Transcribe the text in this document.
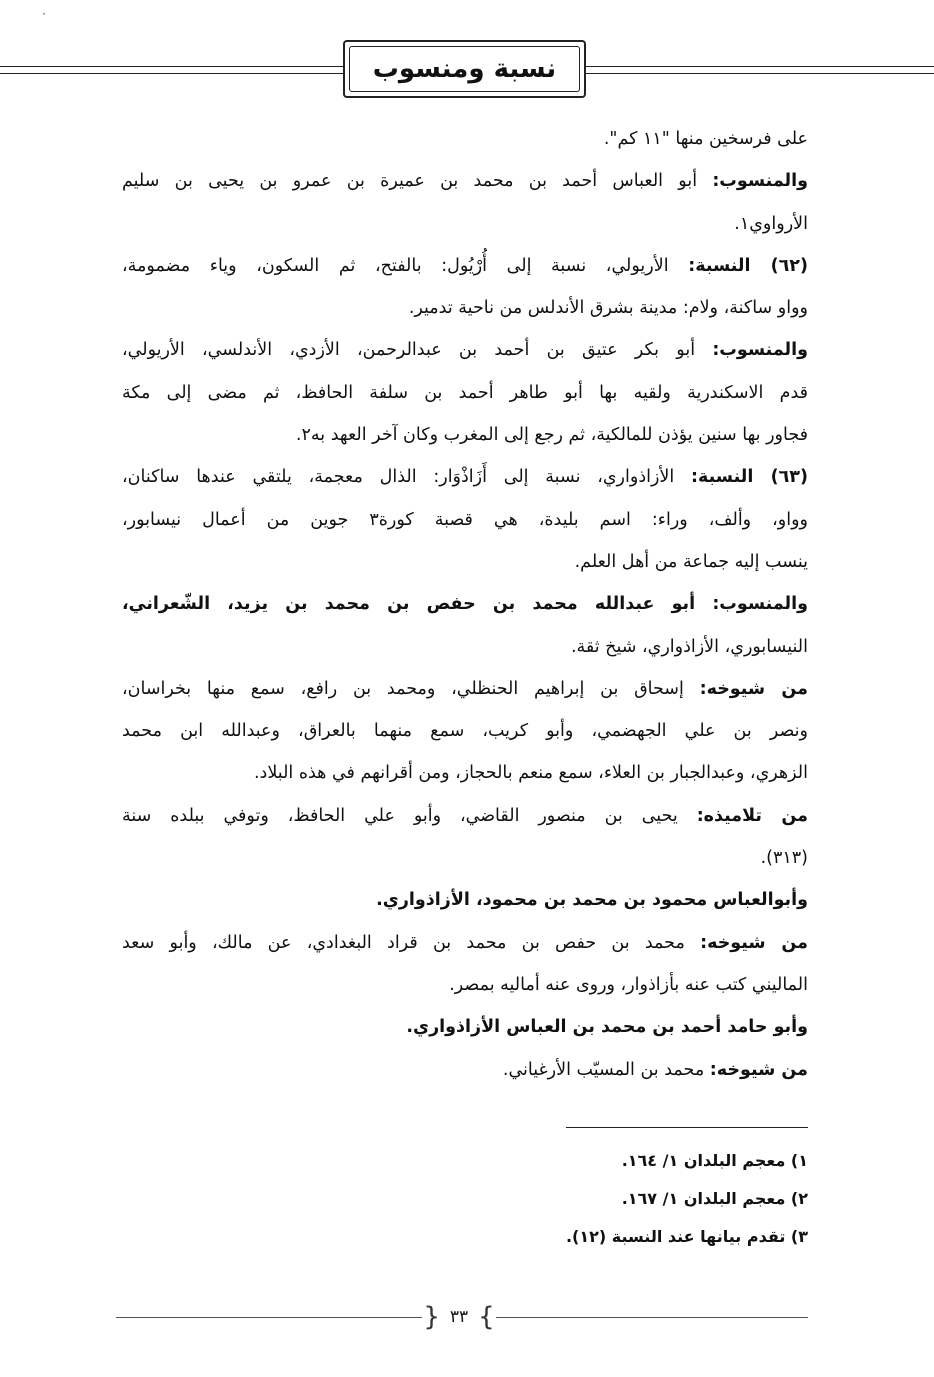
·
نسبة ومنسوب
على فرسخين منها "١١ كم".
والمنسوب: أبو العباس أحمد بن محمد بن عميرة بن عمرو بن يحيى بن سليم
الأرواوي١.
(٦٢) النسبة: الأريولي، نسبة إلى أُرْيُول: بالفتح، ثم السكون، وياء مضمومة،
وواو ساكنة، ولام: مدينة بشرق الأندلس من ناحية تدمير.
والمنسوب: أبو بكر عتيق بن أحمد بن عبدالرحمن، الأزدي، الأندلسي، الأريولي،
قدم الاسكندرية ولقيه بها أبو طاهر أحمد بن سلفة الحافظ، ثم مضى إلى مكة
فجاور بها سنين يؤذن للمالكية، ثم رجع إلى المغرب وكان آخر العهد به٢.
(٦٣) النسبة: الأزاذواري، نسبة إلى أَزَاذْوَار: الذال معجمة، يلتقي عندها ساكنان،
وواو، وألف، وراء: اسم بليدة، هي قصبة كورة٣ جوين من أعمال نيسابور،
ينسب إليه جماعة من أهل العلم.
والمنسوب: أبو عبدالله محمد بن حفص بن محمد بن يزيد، الشّعراني،
النيسابوري، الأزاذواري، شيخ ثقة.
من شيوخه: إسحاق بن إبراهيم الحنظلي، ومحمد بن رافع، سمع منها بخراسان،
ونصر بن علي الجهضمي، وأبو كريب، سمع منهما بالعراق، وعبدالله ابن محمد
الزهري، وعبدالجبار بن العلاء، سمع منعم بالحجاز، ومن أقرانهم في هذه البلاد.
من تلاميذه: يحيى بن منصور القاضي، وأبو علي الحافظ، وتوفي ببلده سنة
(٣١٣).
وأبوالعباس محمود بن محمد بن محمود، الأزاذواري.
من شيوخه: محمد بن حفص بن محمد بن قراد البغدادي، عن مالك، وأبو سعد
الماليني كتب عنه بأزاذوار، وروى عنه أماليه بمصر.
وأبو حامد أحمد بن محمد بن العباس الأزاذواري.
من شيوخه: محمد بن المسيّب الأرغياني.
١) معجم البلدان ١/ ١٦٤.
٢) معجم البلدان ١/ ١٦٧.
٣) تقدم بيانها عند النسبة (١٢).
} ٣٣ {
